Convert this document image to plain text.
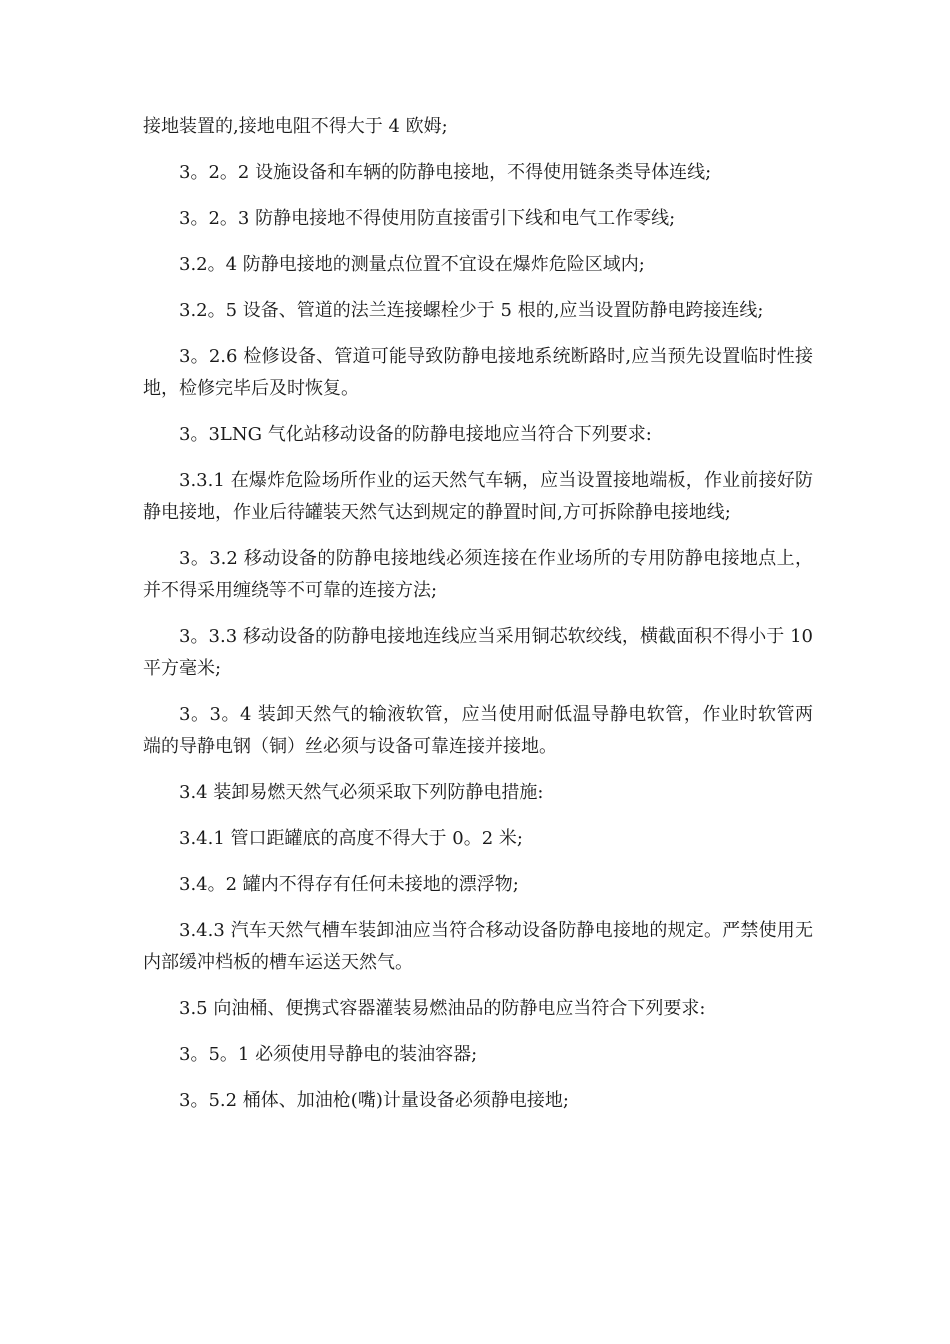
接地装置的,接地电阻不得大于 4 欧姆;

3。2。2 设施设备和车辆的防静电接地，不得使用链条类导体连线;

3。2。3 防静电接地不得使用防直接雷引下线和电气工作零线;

3.2。4 防静电接地的测量点位置不宜设在爆炸危险区域内;

3.2。5 设备、管道的法兰连接螺栓少于 5 根的,应当设置防静电跨接连线;

3。2.6 检修设备、管道可能导致防静电接地系统断路时,应当预先设置临时性接地，检修完毕后及时恢复。

3。3LNG 气化站移动设备的防静电接地应当符合下列要求:

3.3.1 在爆炸危险场所作业的运天然气车辆，应当设置接地端板，作业前接好防静电接地，作业后待罐装天然气达到规定的静置时间,方可拆除静电接地线;

3。3.2 移动设备的防静电接地线必须连接在作业场所的专用防静电接地点上，并不得采用缠绕等不可靠的连接方法;

3。3.3 移动设备的防静电接地连线应当采用铜芯软绞线，横截面积不得小于 10 平方毫米;

3。3。4 装卸天然气的输液软管，应当使用耐低温导静电软管，作业时软管两端的导静电钢（铜）丝必须与设备可靠连接并接地。

3.4 装卸易燃天然气必须采取下列防静电措施:

3.4.1 管口距罐底的高度不得大于 0。2 米;

3.4。2 罐内不得存有任何未接地的漂浮物;

3.4.3 汽车天然气槽车装卸油应当符合移动设备防静电接地的规定。严禁使用无内部缓冲档板的槽车运送天然气。

3.5 向油桶、便携式容器灌装易燃油品的防静电应当符合下列要求:

3。5。1 必须使用导静电的装油容器;

3。5.2 桶体、加油枪(嘴)计量设备必须静电接地;
